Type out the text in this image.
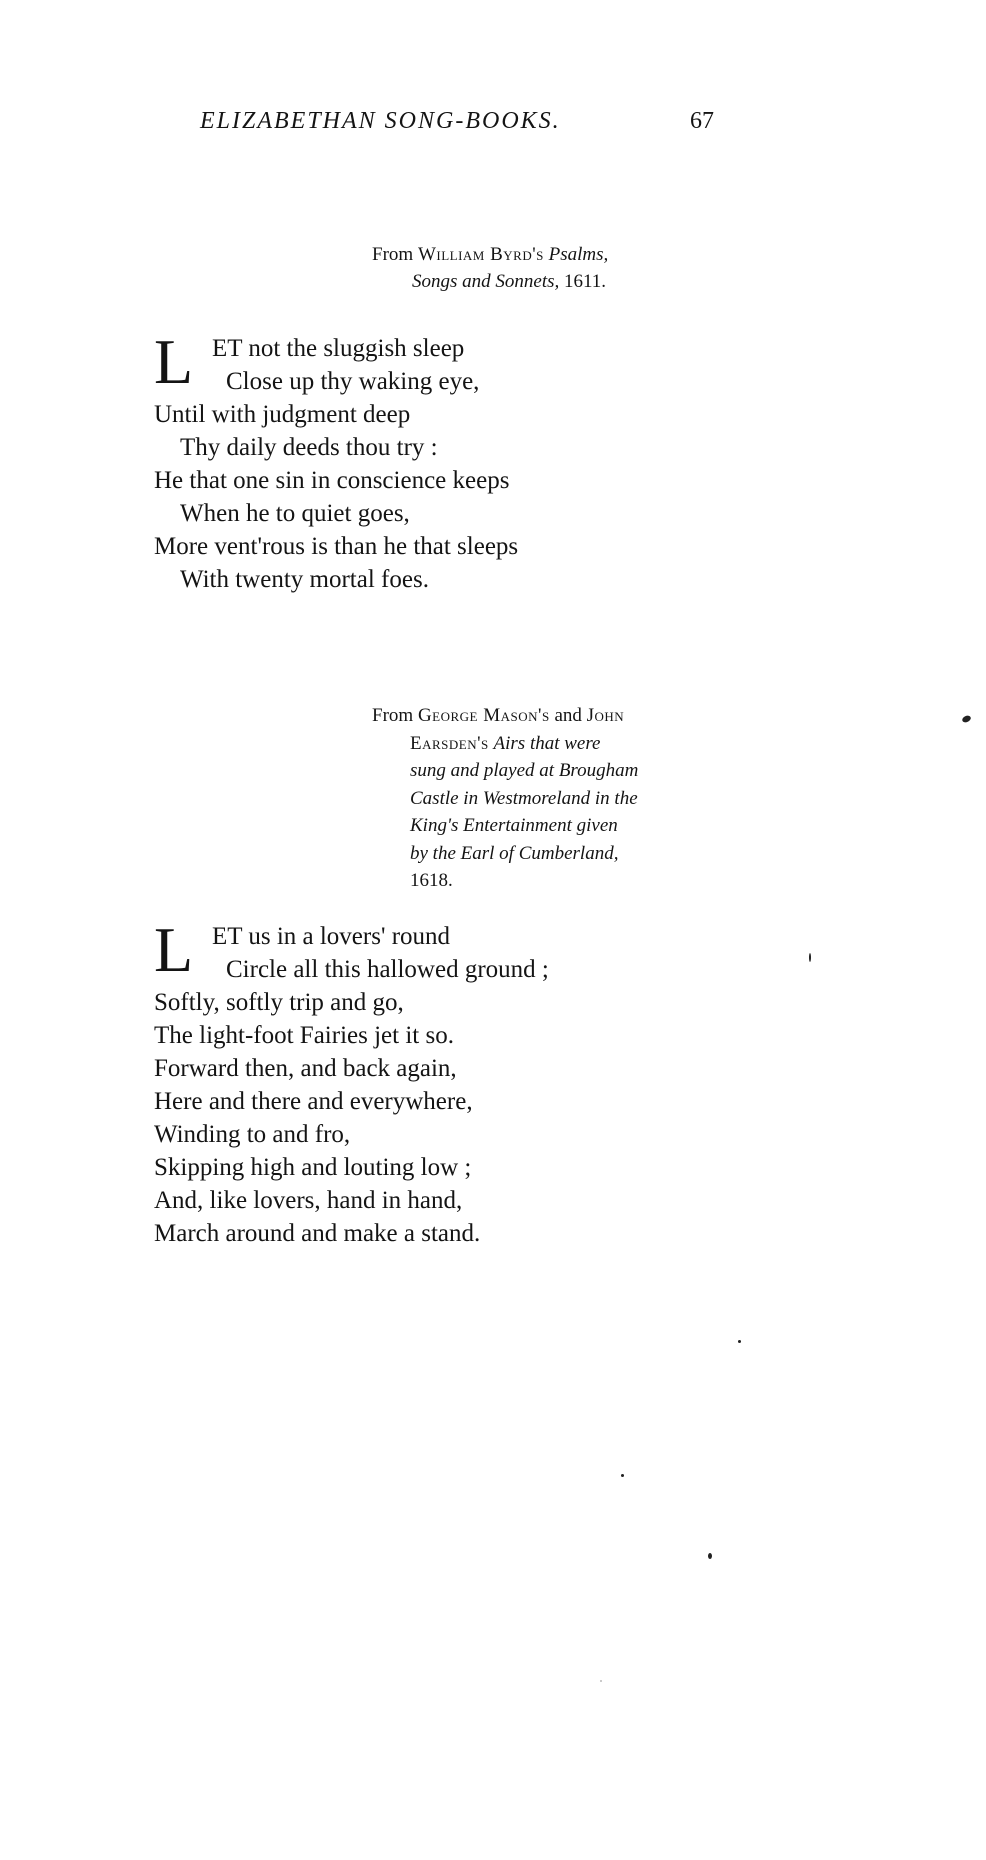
ELIZABETHAN SONG-BOOKS.	67
From William Byrd's Psalms,
Songs and Sonnets, 1611.
L ET not the sluggish sleep
Close up thy waking eye,
Until with judgment deep
Thy daily deeds thou try :
He that one sin in conscience keeps
When he to quiet goes,
More vent'rous is than he that sleeps
With twenty mortal foes.
From George Mason's and John
Earsden's Airs that were
sung and played at Brougham
Castle in Westmoreland in the
King's Entertainment given
by the Earl of Cumberland,
1618.
L ET us in a lovers' round
Circle all this hallowed ground ;
Softly, softly trip and go,
The light-foot Fairies jet it so.
Forward then, and back again,
Here and there and everywhere,
Winding to and fro,
Skipping high and louting low ;
And, like lovers, hand in hand,
March around and make a stand.
